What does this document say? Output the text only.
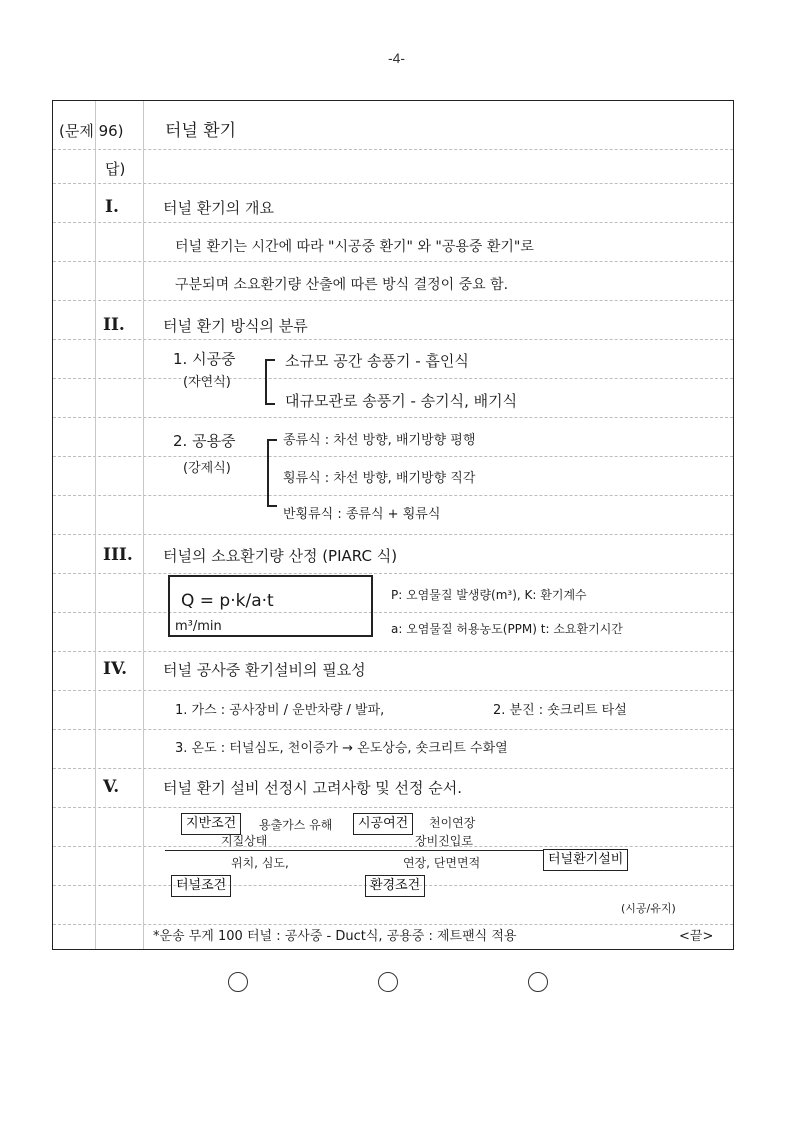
-4-
(문제 96) 터널 환기
답)
I.	터널 환기의 개요
터널 환기는 시간에 따라 "시공중 환기" 와 "공용중 환기"로
구분되며 소요환기량 산출에 따른 방식 결정이 중요 함.
II.	터널 환기 방식의 분류
1. 시공중
(자연식)
소규모 공간 송풍기 - 흡인식
대규모관로 송풍기 - 송기식, 배기식
2. 공용중
(강제식)
종류식 : 차선 방향, 배기방향 평행
횡류식 : 차선 방향, 배기방향 직각
반횡류식 : 종류식 + 횡류식
III. 터널의 소요환기량 산정 (PIARC 식)
Q = p·k/a·t
m³/min
P: 오염물질 발생량(m³), K: 환기계수
a: 오염물질 허용농도(PPM) t: 소요환기시간
IV. 터널 공사중 환기설비의 필요성
1. 가스 : 공사장비 / 운반차량 / 발파,	2. 분진 : 숏크리트 타설
3. 온도 : 터널심도, 천이증가 → 온도상승, 숏크리트 수화열
V.	터널 환기 설비 선정시 고려사항 및 선정 순서.
지반조건	용출가스 유해	시공여건	천이연장
지질상태	장비진입로
위치, 심도,	연장, 단면면적	터널환기설비
터널조건	환경조건
(시공/유지)
*운송 무게 100 터널 : 공사중 - Duct식, 공용중 : 제트팬식 적용	<끝>
